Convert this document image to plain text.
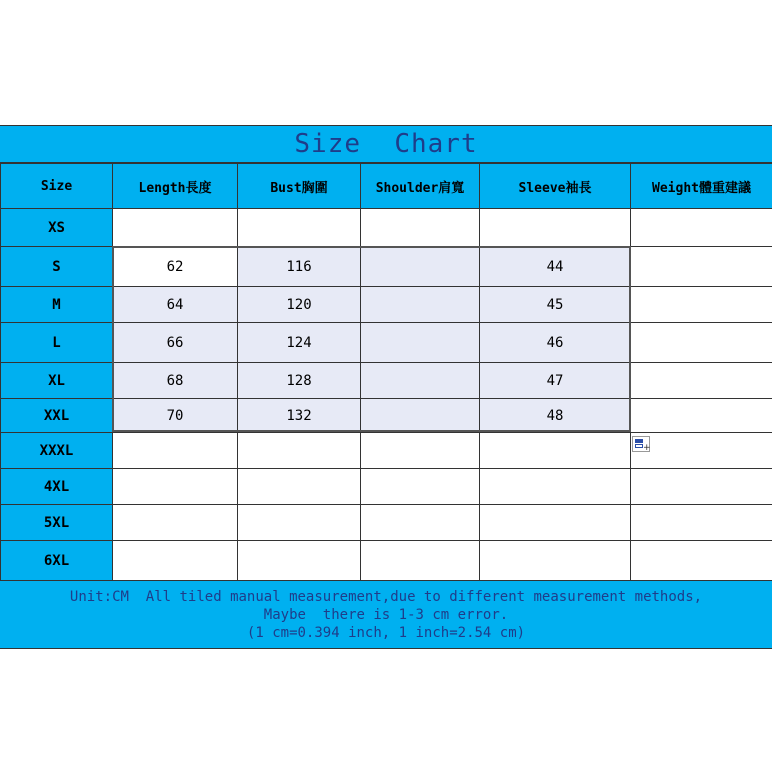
Size  Chart
Size	Length長度	Bust胸圍	Shoulder肩寬	Sleeve袖長	Weight體重建議
XS					
S	62	116		44	
M	64	120		45	
L	66	124		46	
XL	68	128		47	
XXL	70	132		48	
XXXL					
4XL					
5XL					
6XL					
Unit:CM  All tiled manual measurement,due to different measurement methods,
Maybe  there is 1-3 cm error.
(1 cm=0.394 inch, 1 inch=2.54 cm)
+
